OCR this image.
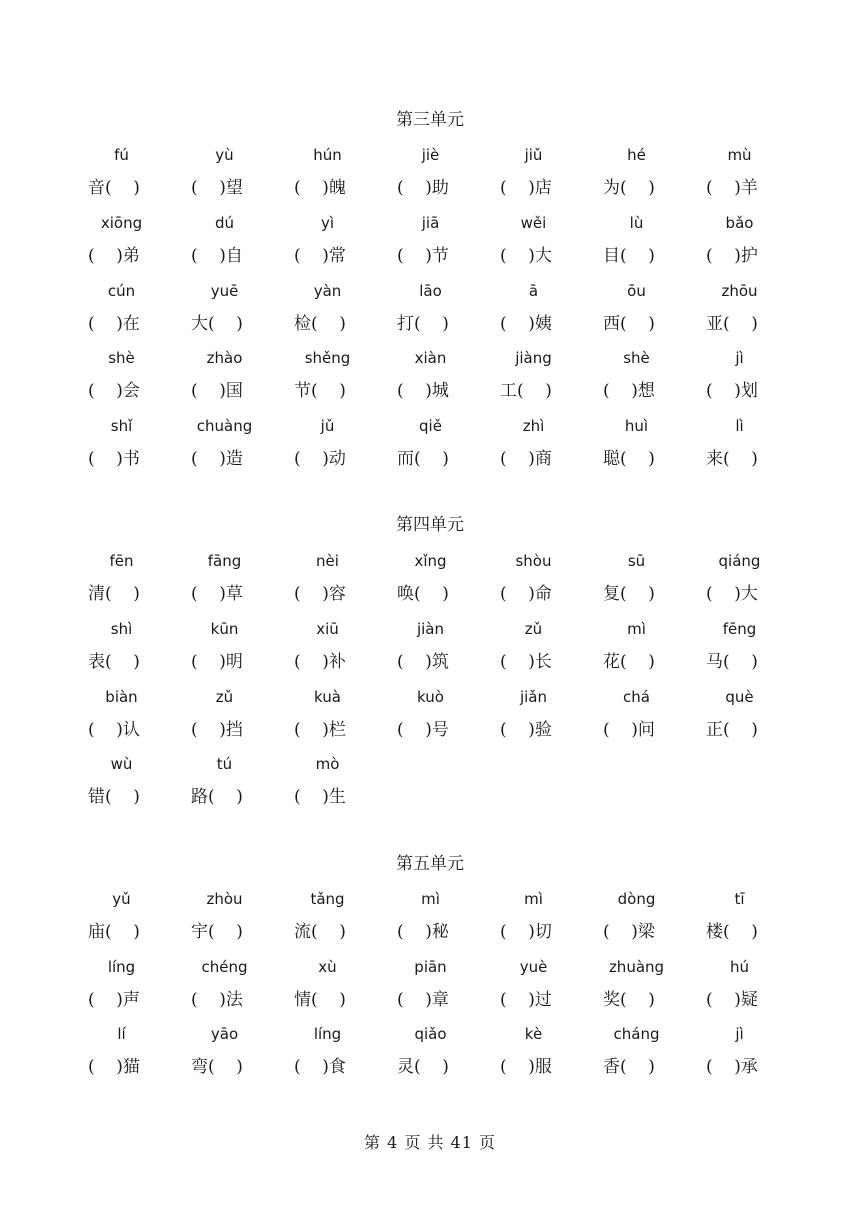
第三单元
fú	yù	hún	jiè	jiǔ	hé	mù
音(    )	(    )望	(    )魄	(    )助	(    )店	为(    )	(    )羊
xiōng	dú	yì	jiā	wěi	lù	bǎo
(    )弟	(    )自	(    )常	(    )节	(    )大	目(    )	(    )护
cún	yuē	yàn	lāo	ā	ōu	zhōu
(    )在	大(    )	检(    )	打(    )	(    )姨	西(    )	亚(    )
shè	zhào	shěng	xiàn	jiàng	shè	jì
(    )会	(    )国	节(    )	(    )城	工(    )	(    )想	(    )划
shǐ	chuàng	jǔ	qiě	zhì	huì	lì
(    )书	(    )造	(    )动	而(    )	(    )商	聪(    )	来(    )
第四单元
fēn	fāng	nèi	xǐng	shòu	sū	qiáng
清(    )	(    )草	(    )容	唤(    )	(    )命	复(    )	(    )大
shì	kūn	xiū	jiàn	zǔ	mì	fēng
表(    )	(    )明	(    )补	(    )筑	(    )长	花(    )	马(    )
biàn	zǔ	kuà	kuò	jiǎn	chá	què
(    )认	(    )挡	(    )栏	(    )号	(    )验	(    )问	正(    )
wù	tú	mò
错(    )	路(    )	(    )生
第五单元
yǔ	zhòu	tǎng	mì	mì	dòng	tī
庙(    )	宇(    )	流(    )	(    )秘	(    )切	(    )梁	楼(    )
líng	chéng	xù	piān	yuè	zhuàng	hú
(    )声	(    )法	情(    )	(    )章	(    )过	奖(    )	(    )疑
lí	yāo	líng	qiǎo	kè	cháng	jì
(    )猫	弯(    )	(    )食	灵(    )	(    )服	香(    )	(    )承
第 4 页 共 41 页
